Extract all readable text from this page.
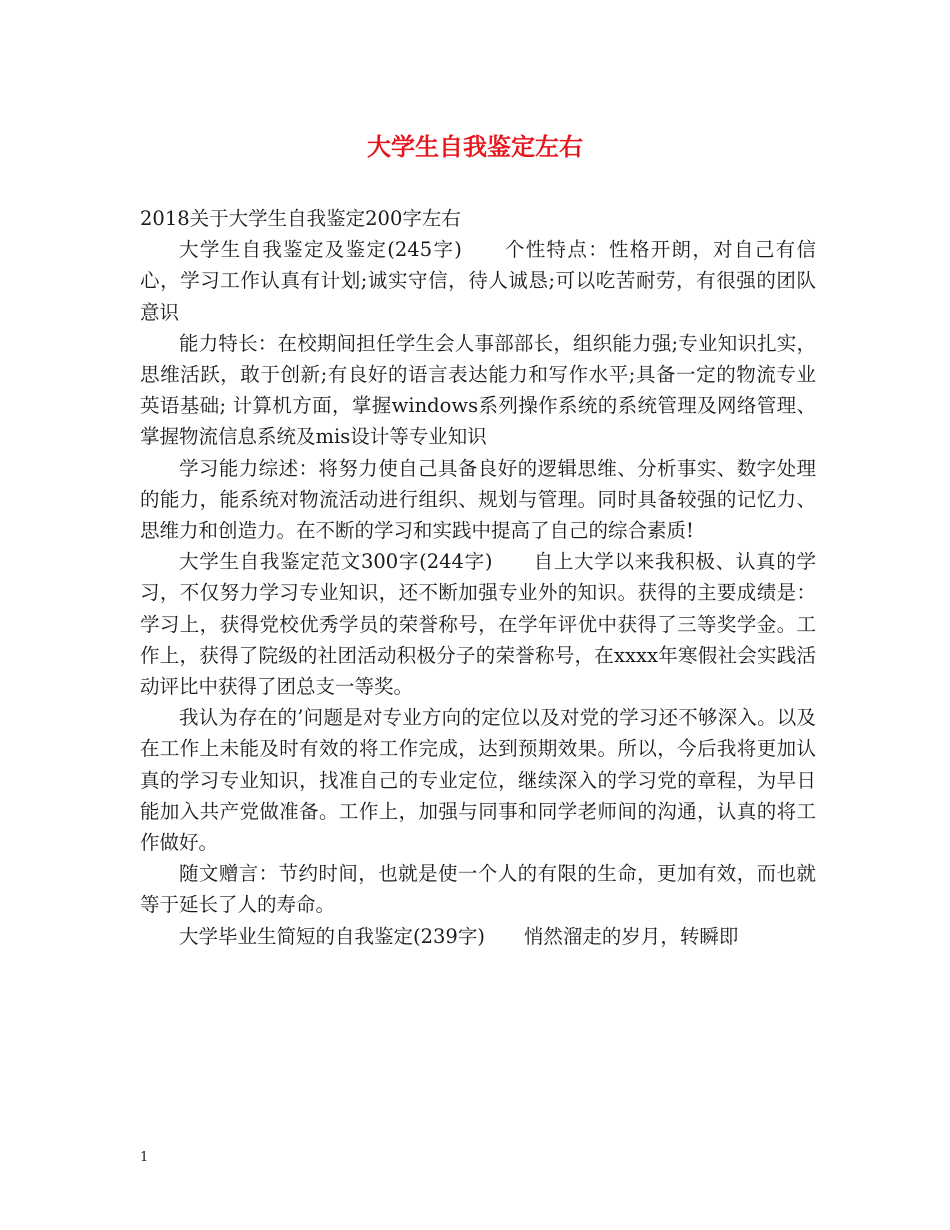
大学生自我鉴定左右

2018关于大学生自我鉴定200字左右

大学生自我鉴定及鉴定(245字)　　个性特点：性格开朗，对自己有信心，学习工作认真有计划;诚实守信，待人诚恳;可以吃苦耐劳，有很强的团队意识

能力特长：在校期间担任学生会人事部部长，组织能力强;专业知识扎实，思维活跃，敢于创新;有良好的语言表达能力和写作水平;具备一定的物流专业英语基础; 计算机方面，掌握windows系列操作系统的系统管理及网络管理、掌握物流信息系统及mis设计等专业知识

学习能力综述：将努力使自己具备良好的逻辑思维、分析事实、数字处理的能力，能系统对物流活动进行组织、规划与管理。同时具备较强的记忆力、思维力和创造力。在不断的学习和实践中提高了自己的综合素质!

大学生自我鉴定范文300字(244字)　　自上大学以来我积极、认真的学习，不仅努力学习专业知识，还不断加强专业外的知识。获得的主要成绩是：学习上，获得党校优秀学员的荣誉称号，在学年评优中获得了三等奖学金。工作上，获得了院级的社团活动积极分子的荣誉称号，在xxxx年寒假社会实践活动评比中获得了团总支一等奖。

我认为存在的’问题是对专业方向的定位以及对党的学习还不够深入。以及在工作上未能及时有效的将工作完成，达到预期效果。所以，今后我将更加认真的学习专业知识，找准自己的专业定位，继续深入的学习党的章程，为早日能加入共产党做准备。工作上，加强与同事和同学老师间的沟通，认真的将工作做好。

随文赠言：节约时间，也就是使一个人的有限的生命，更加有效，而也就等于延长了人的寿命。

大学毕业生简短的自我鉴定(239字)　　悄然溜走的岁月，转瞬即

1
